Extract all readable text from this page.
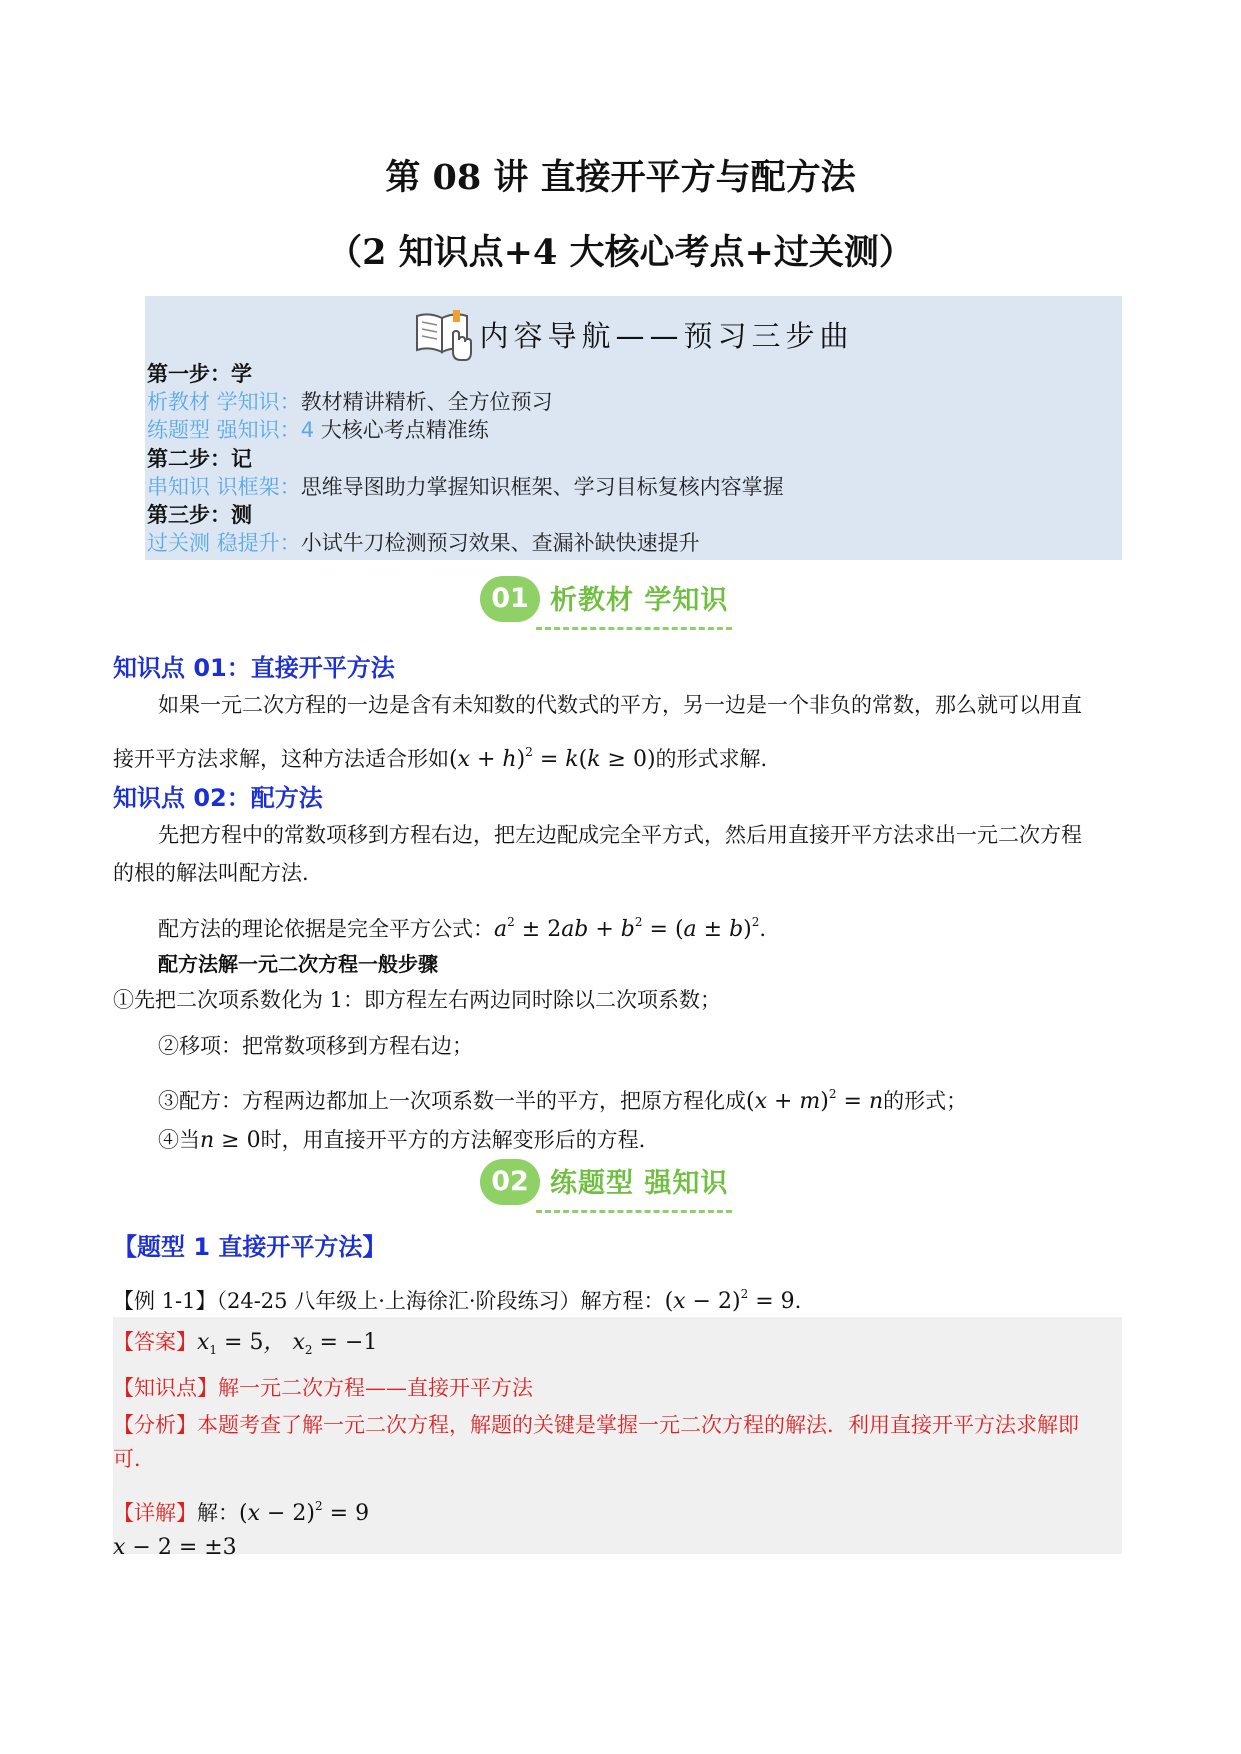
第 08 讲 直接开平方与配方法
（2 知识点+4 大核心考点+过关测）
内容导航——预习三步曲
第一步：学
析教材 学知识：教材精讲精析、全方位预习
练题型 强知识：4 大核心考点精准练
第二步：记
串知识 识框架：思维导图助力掌握知识框架、学习目标复核内容掌握
第三步：测
过关测 稳提升：小试牛刀检测预习效果、查漏补缺快速提升
01 析教材 学知识
知识点 01：直接开平方法
如果一元二次方程的一边是含有未知数的代数式的平方，另一边是一个非负的常数，那么就可以用直
接开平方法求解，这种方法适合形如$(x + h)^2 = k(k \ge 0)$的形式求解.
知识点 02：配方法
先把方程中的常数项移到方程右边，把左边配成完全平方式，然后用直接开平方法求出一元二次方程
的根的解法叫配方法.
配方法的理论依据是完全平方公式：$a^2 \pm 2ab + b^2 = (a \pm b)^2$.
配方法解一元二次方程一般步骤
①先把二次项系数化为 1：即方程左右两边同时除以二次项系数；
②移项：把常数项移到方程右边；
③配方：方程两边都加上一次项系数一半的平方，把原方程化成$(x + m)^2 = n$的形式；
④当n ≥ 0时，用直接开平方的方法解变形后的方程.
02 练题型 强知识
【题型 1 直接开平方法】
【例 1-1】（24-25 八年级上·上海徐汇·阶段练习）解方程：$(x - 2)^2 = 9$.
【答案】$x_1 = 5$， $x_2 = -1$
【知识点】解一元二次方程——直接开平方法
【分析】本题考查了解一元二次方程，解题的关键是掌握一元二次方程的解法．利用直接开平方法求解即
可．
【详解】解：$(x - 2)^2 = 9$
x − 2 = ±3
